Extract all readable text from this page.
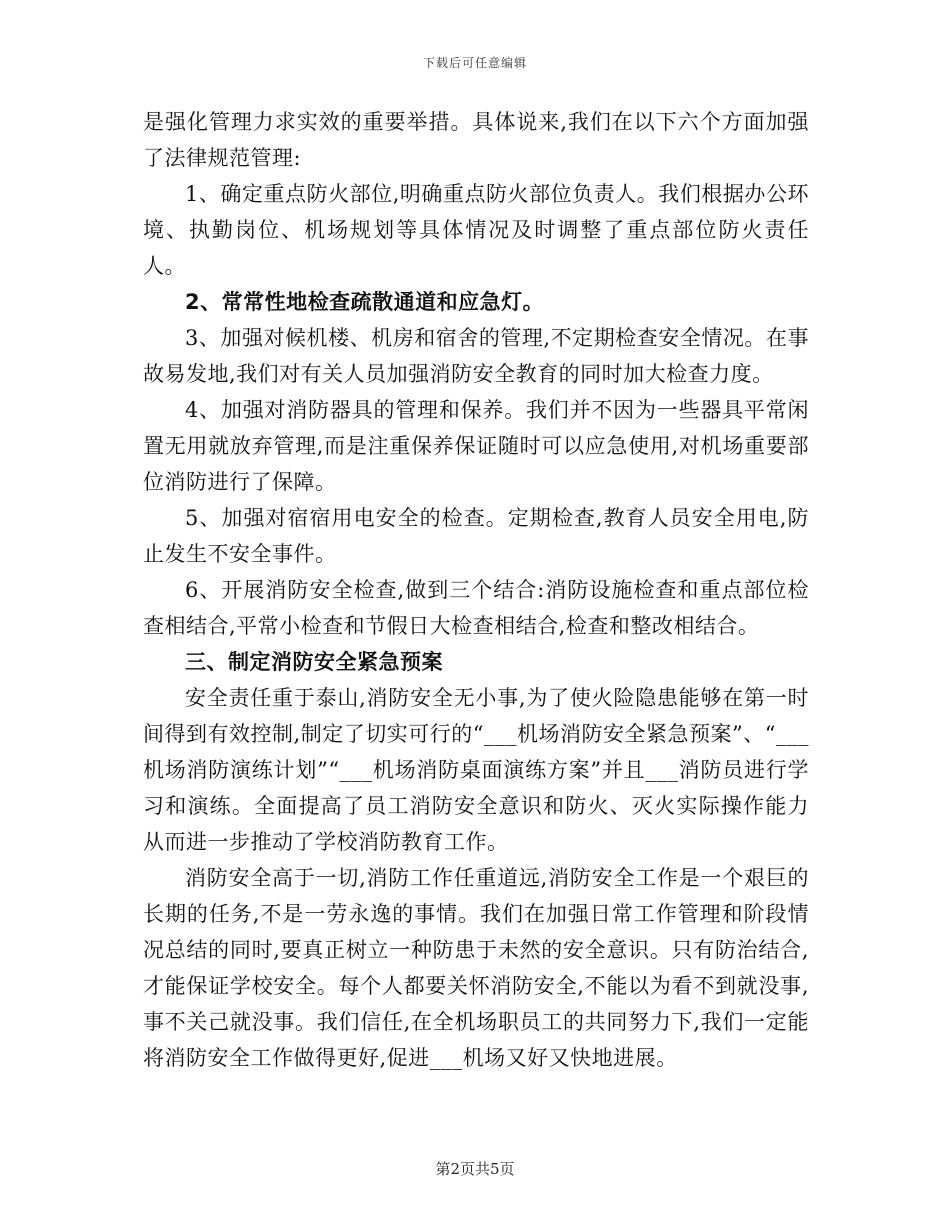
下载后可任意编辑

是强化管理力求实效的重要举措。具体说来,我们在以下六个方面加强了法律规范管理:

1、确定重点防火部位,明确重点防火部位负责人。我们根据办公环境、执勤岗位、机场规划等具体情况及时调整了重点部位防火责任人。

2、常常性地检查疏散通道和应急灯。

3、加强对候机楼、机房和宿舍的管理,不定期检查安全情况。在事故易发地,我们对有关人员加强消防安全教育的同时加大检查力度。

4、加强对消防器具的管理和保养。我们并不因为一些器具平常闲置无用就放弃管理,而是注重保养保证随时可以应急使用,对机场重要部位消防进行了保障。

5、加强对宿宿用电安全的检查。定期检查,教育人员安全用电,防止发生不安全事件。

6、开展消防安全检查,做到三个结合:消防设施检查和重点部位检查相结合,平常小检查和节假日大检查相结合,检查和整改相结合。

三、制定消防安全紧急预案

安全责任重于泰山,消防安全无小事,为了使火险隐患能够在第一时间得到有效控制,制定了切实可行的“___机场消防安全紧急预案”、“___机场消防演练计划”“___机场消防桌面演练方案”并且___消防员进行学习和演练。全面提高了员工消防安全意识和防火、灭火实际操作能力从而进一步推动了学校消防教育工作。

消防安全高于一切,消防工作任重道远,消防安全工作是一个艰巨的长期的任务,不是一劳永逸的事情。我们在加强日常工作管理和阶段情况总结的同时,要真正树立一种防患于未然的安全意识。只有防治结合,才能保证学校安全。每个人都要关怀消防安全,不能以为看不到就没事,事不关己就没事。我们信任,在全机场职员工的共同努力下,我们一定能将消防安全工作做得更好,促进___机场又好又快地进展。

第2页共5页
